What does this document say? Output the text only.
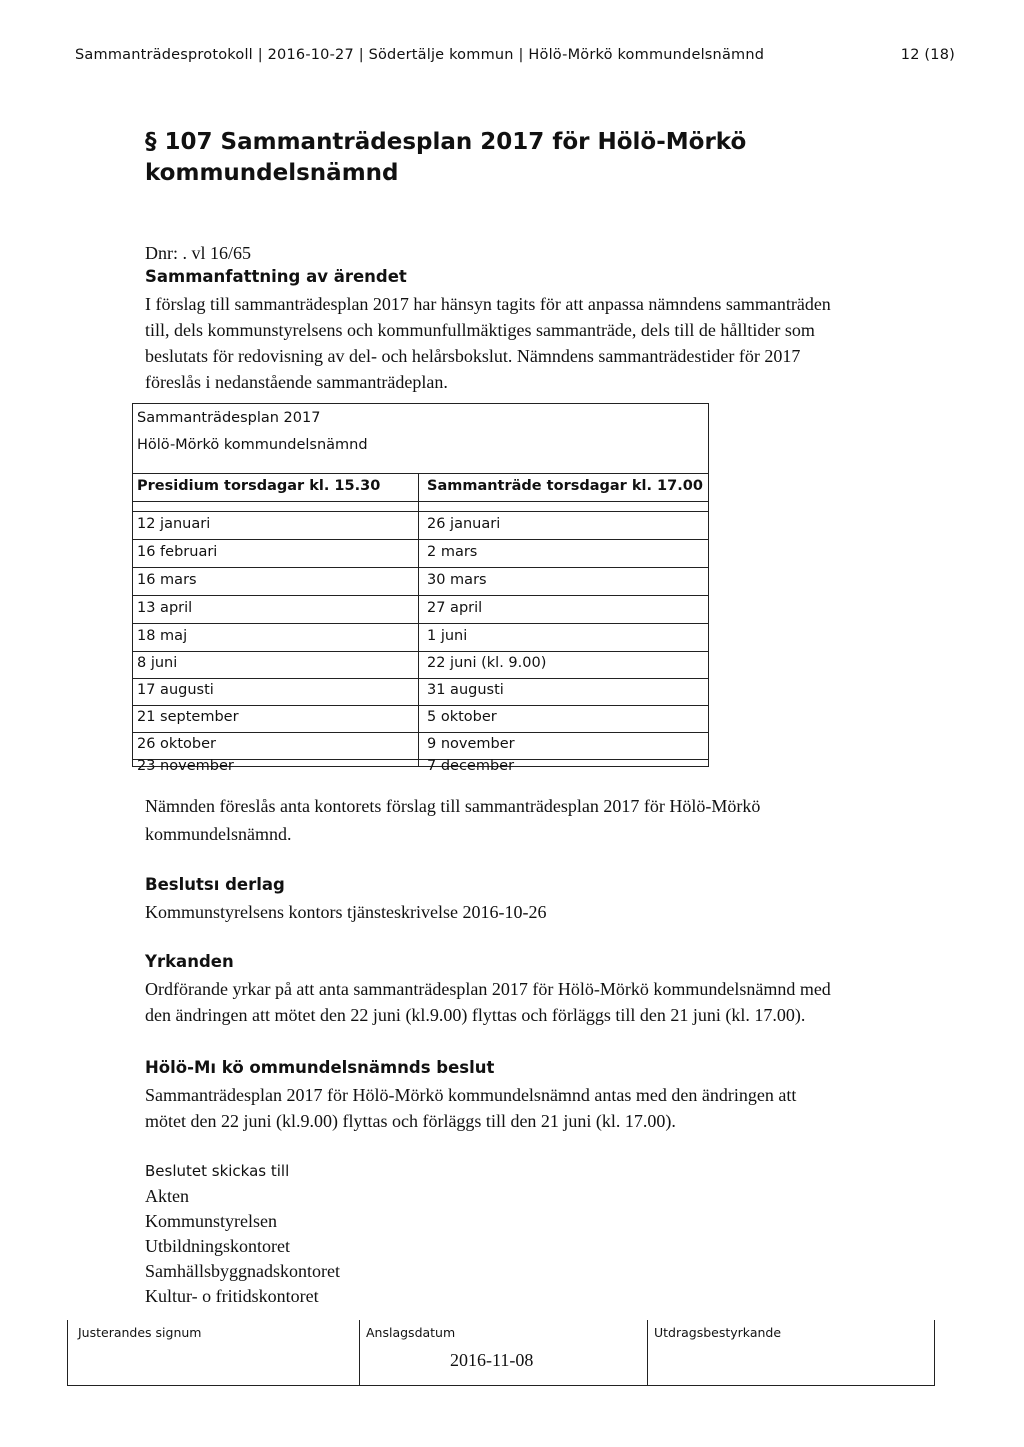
Sammanträdesprotokoll | 2016-10-27 | Södertälje kommun | Hölö-Mörkö kommundelsnämnd	12 (18)
§ 107 Sammanträdesplan 2017 för Hölö-Mörkö
kommundelsnämnd
Dnr: . vl 16/65
Sammanfattning av ärendet
I förslag till sammanträdesplan 2017 har hänsyn tagits för att anpassa nämndens sammanträden
till, dels kommunstyrelsens och kommunfullmäktiges sammanträde, dels till de hålltider som
beslutats för redovisning av del- och helårsbokslut. Nämndens sammanträdestider för 2017
föreslås i nedanstående sammanträdeplan.
Sammanträdesplan 2017
Hölö-Mörkö kommundelsnämnd
Presidium torsdagar kl. 15.30	Sammanträde torsdagar kl. 17.00
12 januari	26 januari
16 februari	2 mars
16 mars	30 mars
13 april	27 april
18 maj	1 juni
8 juni	22 juni (kl. 9.00)
17 augusti	31 augusti
21 september	5 oktober
26 oktober	9 november
23 november	7 december
Nämnden föreslås anta kontorets förslag till sammanträdesplan 2017 för Hölö-Mörkö
kommundelsnämnd.
Beslutsı derlag
Kommunstyrelsens kontors tjänsteskrivelse 2016-10-26
Yrkanden
Ordförande yrkar på att anta sammanträdesplan 2017 för Hölö-Mörkö kommundelsnämnd med
den ändringen att mötet den 22 juni (kl.9.00) flyttas och förläggs till den 21 juni (kl. 17.00).
Hölö-Mı kö ommundelsnämnds beslut
Sammanträdesplan 2017 för Hölö-Mörkö kommundelsnämnd antas med den ändringen att
mötet den 22 juni (kl.9.00) flyttas och förläggs till den 21 juni (kl. 17.00).
Beslutet skickas till
Akten
Kommunstyrelsen
Utbildningskontoret
Samhällsbyggnadskontoret
Kultur- o fritidskontoret
Justerandes signum	Anslagsdatum
2016-11-08
Utdragsbestyrkande
